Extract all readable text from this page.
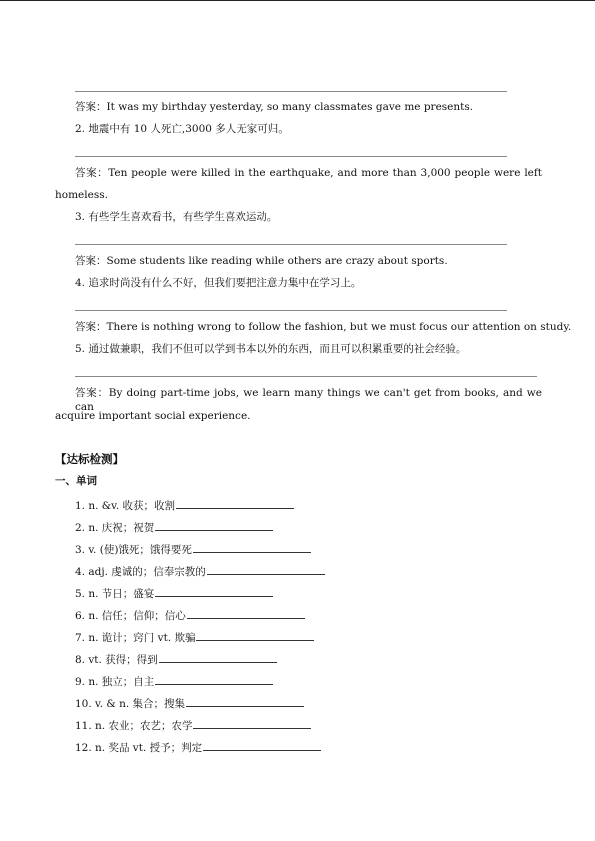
答案：It was my birthday yesterday, so many classmates gave me presents.
2. 地震中有 10 人死亡,3000 多人无家可归。
答案：Ten people were killed in the earthquake, and more than 3,000 people were left
homeless.
3. 有些学生喜欢看书，有些学生喜欢运动。
答案：Some students like reading while others are crazy about sports.
4. 追求时尚没有什么不好，但我们要把注意力集中在学习上。
答案：There is nothing wrong to follow the fashion, but we must focus our attention on study.
5. 通过做兼职，我们不但可以学到书本以外的东西，而且可以积累重要的社会经验。
答案：By doing part-time jobs, we learn many things we can't get from books, and we can
acquire important social experience.
【达标检测】
一、单词
1. n. &v. 收获；收割
2. n. 庆祝；祝贺
3. v. (使)饿死；饿得要死
4. adj. 虔诚的；信奉宗教的
5. n. 节日；盛宴
6. n. 信任；信仰；信心
7. n. 诡计；窍门 vt. 欺骗
8. vt. 获得；得到
9. n. 独立；自主
10. v. & n. 集合；搜集
11. n. 农业；农艺；农学
12. n. 奖品 vt. 授予；判定
